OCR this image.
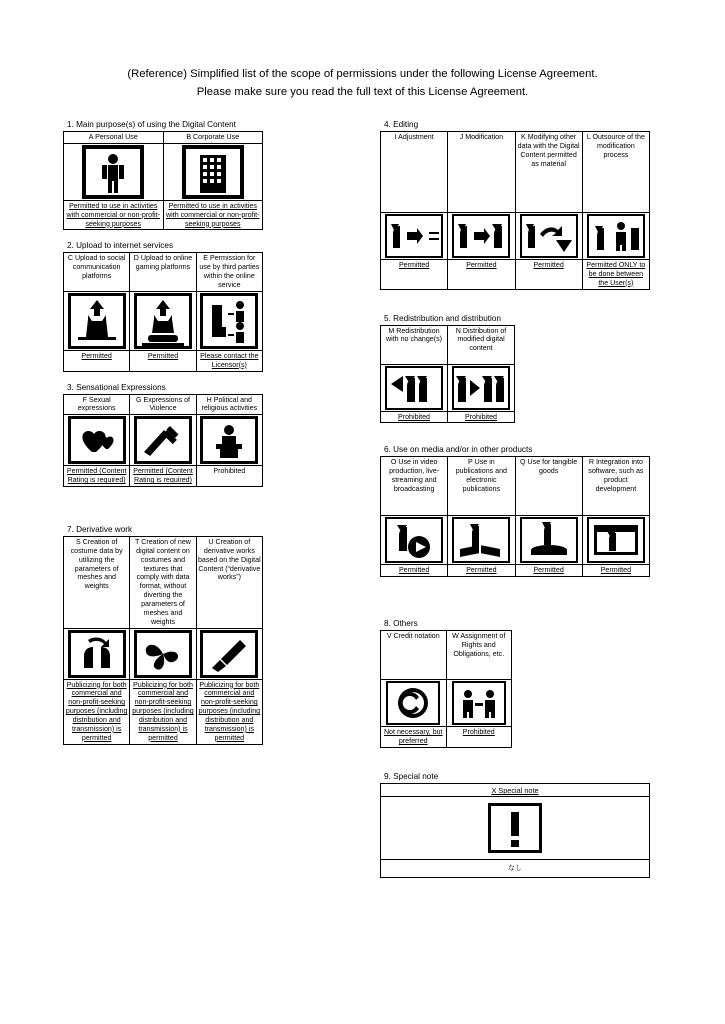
(Reference) Simplified list of the scope of permissions under the following License Agreement.
Please make sure you read the full text of this License Agreement.
1. Main purpose(s) of using the Digital Content
A Personal Use	B Corporate Use

Permitted to use in activities with commercial or non-profit-seeking purposes	Permitted to use in activities with commercial or non-profit-seeking purposes
2. Upload to internet services
C Upload to social communication platforms	D Upload to online gaming platforms	E Permission for use by third parties within the online service

Permitted	Permitted	Please contact the Licensor(s)
3. Sensational Expressions
F Sexual expressions	G Expressions of Violence	H Political and religious activities

Permitted (Content Rating is required)	Permitted (Content Rating is required)	Prohibited
7. Derivative work
S Creation of costume data by utilizing the parameters of meshes and weights	T Creation of new digital content on costumes and textures that comply with data format, without diverting the parameters of meshes and weights	U Creation of derivative works based on the Digital Content (“derivative works”)

Publicizing for both commercial and non-profit-seeking purposes (including distribution and transmission) is permitted	Publicizing for both commercial and non-profit-seeking purposes (including distribution and transmission) is permitted	Publicizing for both commercial and non-profit-seeking purposes (including distribution and transmission) is permitted
4. Editing
I Adjustment	J Modification	K Modifying other data with the Digital Content permitted as material	L Outsource of the modification process

Permitted	Permitted	Permitted	Permitted ONLY to be done between the User(s)
5. Redistribution and distribution
M Redistribution with no change(s)	N Distribution of modified digital content

Prohibited	Prohibited
6. Use on media and/or in other products
O Use in video production, live-streaming and broadcasting	P Use in publications and electronic publications	Q Use for tangible goods	R Integration into software, such as product development

Permitted	Permitted	Permitted	Permitted
8. Others
V Credit notation	W Assignment of Rights and Obligations, etc.

Not necessary, but preferred	Prohibited
9. Special note
X Special note
なし
